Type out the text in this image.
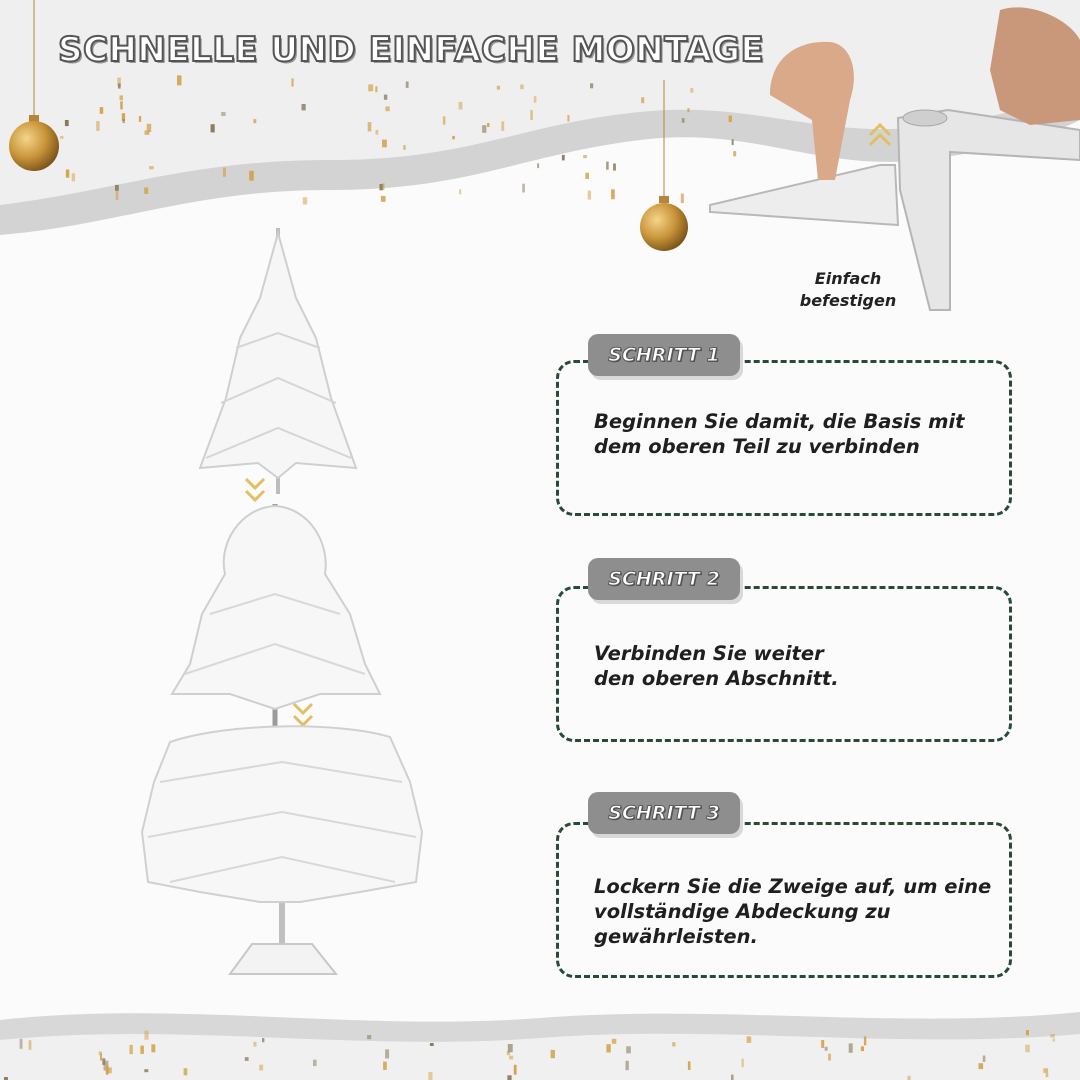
SCHNELLE UND EINFACHE MONTAGE
Einfach
befestigen
SCHRITT 1
Beginnen Sie damit, die Basis mit
dem oberen Teil zu verbinden
SCHRITT 2
Verbinden Sie weiter
den oberen Abschnitt.
SCHRITT 3
Lockern Sie die Zweige auf, um eine
vollständige Abdeckung zu
gewährleisten.
